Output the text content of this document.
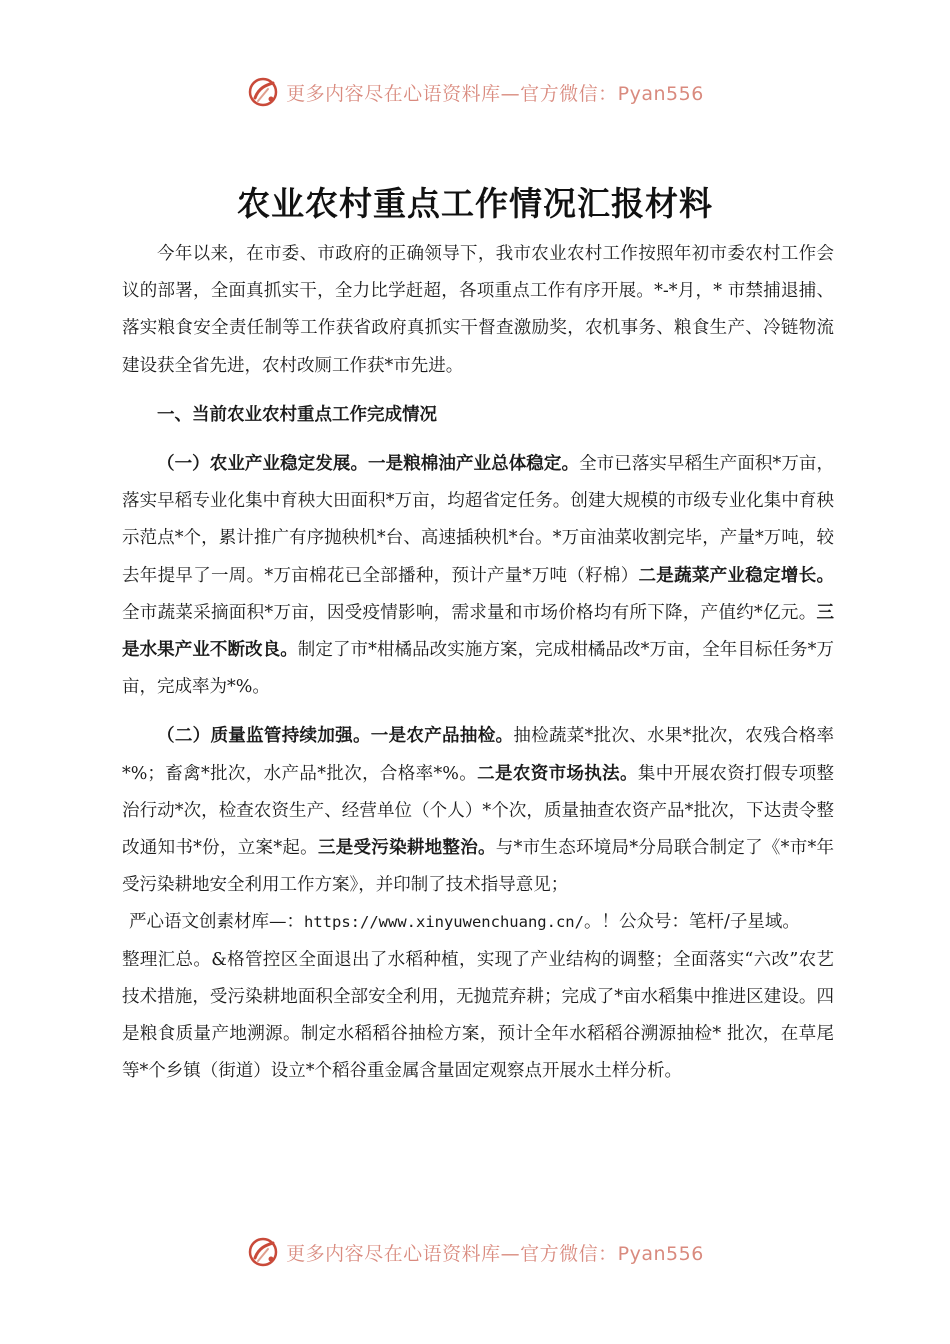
更多内容尽在心语资料库—官方微信：Pyan556
农业农村重点工作情况汇报材料

今年以来，在市委、市政府的正确领导下，我市农业农村工作按照年初市委农村工作会议的部署，全面真抓实干，全力比学赶超，各项重点工作有序开展。*-*月，* 市禁捕退捕、落实粮食安全责任制等工作获省政府真抓实干督查激励奖，农机事务、粮食生产、冷链物流建设获全省先进，农村改厕工作获*市先进。

一、当前农业农村重点工作完成情况

（一）农业产业稳定发展。一是粮棉油产业总体稳定。全市已落实早稻生产面积*万亩，落实早稻专业化集中育秧大田面积*万亩，均超省定任务。创建大规模的市级专业化集中育秧示范点*个，累计推广有序抛秧机*台、高速插秧机*台。*万亩油菜收割完毕，产量*万吨，较去年提早了一周。*万亩棉花已全部播种，预计产量*万吨（籽棉）二是蔬菜产业稳定增长。全市蔬菜采摘面积*万亩，因受疫情影响，需求量和市场价格均有所下降，产值约*亿元。三是水果产业不断改良。制定了市*柑橘品改实施方案，完成柑橘品改*万亩，全年目标任务*万亩，完成率为*%。

（二）质量监管持续加强。一是农产品抽检。抽检蔬菜*批次、水果*批次，农残合格率*%；畜禽*批次，水产品*批次，合格率*%。二是农资市场执法。集中开展农资打假专项整治行动*次，检查农资生产、经营单位（个人）*个次，质量抽查农资产品*批次，下达责令整改通知书*份，立案*起。三是受污染耕地整治。与*市生态环境局*分局联合制定了《*市*年受污染耕地安全利用工作方案》，并印制了技术指导意见；

严心语文创素材库—：https://www.xinyuwenchuang.cn/。！公众号：笔杆/子星域。

整理汇总。&格管控区全面退出了水稻种植，实现了产业结构的调整；全面落实“六改”农艺技术措施，受污染耕地面积全部安全利用，无抛荒弃耕；完成了*亩水稻集中推进区建设。四是粮食质量产地溯源。制定水稻稻谷抽检方案，预计全年水稻稻谷溯源抽检* 批次，在草尾等*个乡镇（街道）设立*个稻谷重金属含量固定观察点开展水土样分析。

更多内容尽在心语资料库—官方微信：Pyan556
